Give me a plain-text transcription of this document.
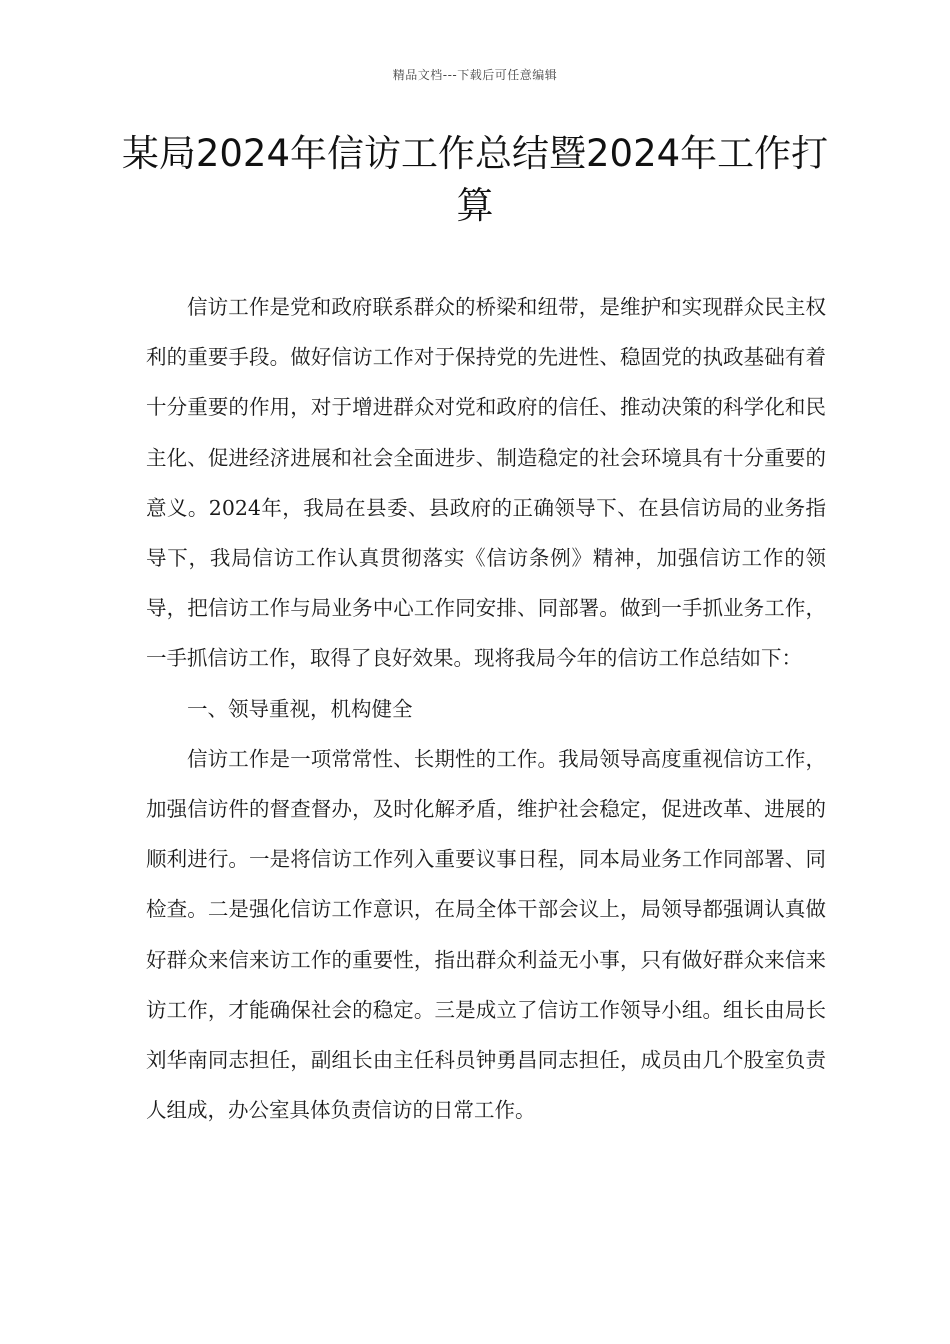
精品文档---下载后可任意编辑
某局2024年信访工作总结暨2024年工作打算

信访工作是党和政府联系群众的桥梁和纽带，是维护和实现群众民主权利的重要手段。做好信访工作对于保持党的先进性、稳固党的执政基础有着十分重要的作用，对于增进群众对党和政府的信任、推动决策的科学化和民主化、促进经济进展和社会全面进步、制造稳定的社会环境具有十分重要的意义。2024年，我局在县委、县政府的正确领导下、在县信访局的业务指导下，我局信访工作认真贯彻落实《信访条例》精神，加强信访工作的领导，把信访工作与局业务中心工作同安排、同部署。做到一手抓业务工作，一手抓信访工作，取得了良好效果。现将我局今年的信访工作总结如下：

一、领导重视，机构健全

信访工作是一项常常性、长期性的工作。我局领导高度重视信访工作，加强信访件的督查督办，及时化解矛盾，维护社会稳定，促进改革、进展的顺利进行。一是将信访工作列入重要议事日程，同本局业务工作同部署、同检查。二是强化信访工作意识，在局全体干部会议上，局领导都强调认真做好群众来信来访工作的重要性，指出群众利益无小事，只有做好群众来信来访工作，才能确保社会的稳定。三是成立了信访工作领导小组。组长由局长刘华南同志担任，副组长由主任科员钟勇昌同志担任，成员由几个股室负责人组成，办公室具体负责信访的日常工作。
